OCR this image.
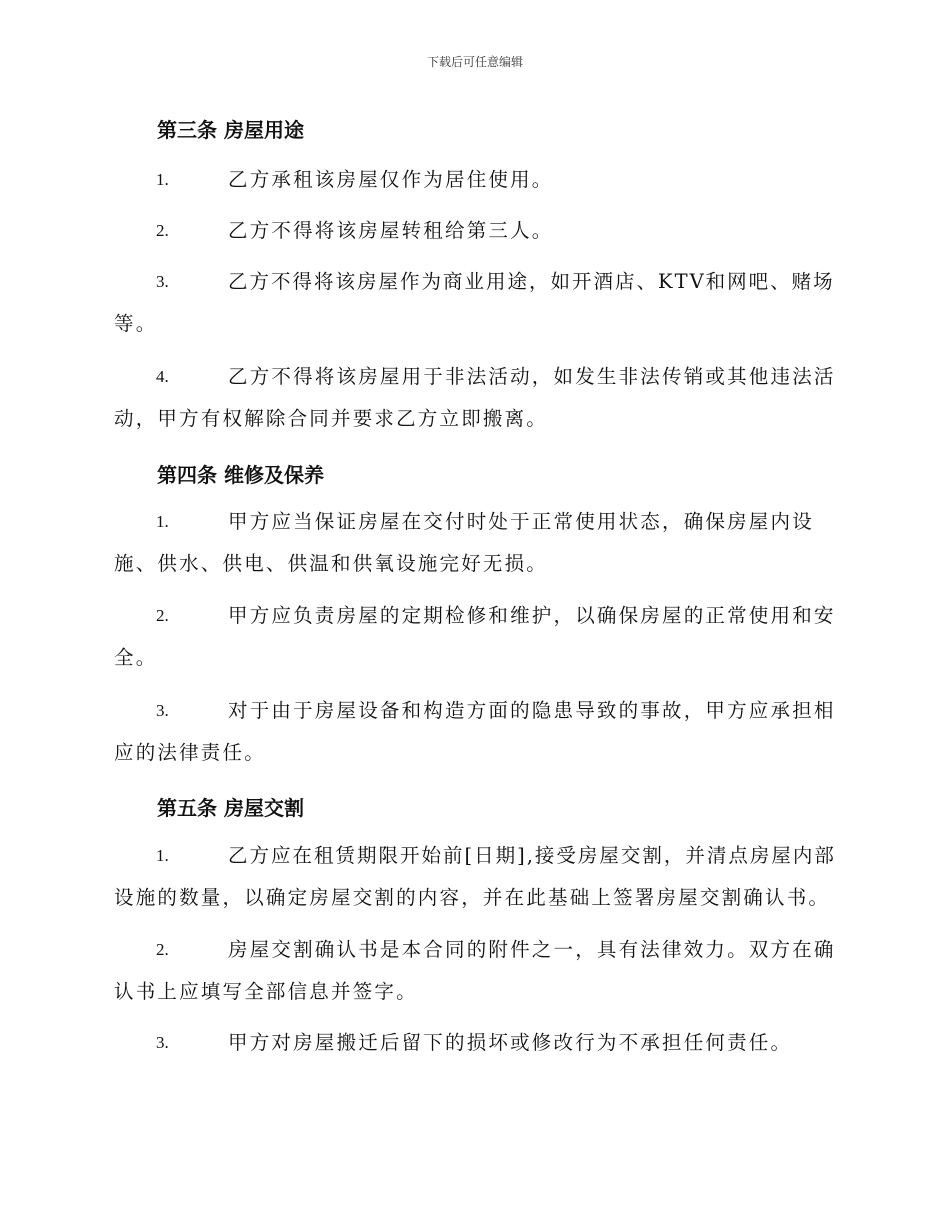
下载后可任意编辑
第三条 房屋用途
1.	乙方承租该房屋仅作为居住使用。
2.	乙方不得将该房屋转租给第三人。
3.	乙方不得将该房屋作为商业用途，如开酒店、KTV和网吧、赌场
等。
4.	乙方不得将该房屋用于非法活动，如发生非法传销或其他违法活
动，甲方有权解除合同并要求乙方立即搬离。
第四条 维修及保养
1.	甲方应当保证房屋在交付时处于正常使用状态，确保房屋内设
施、供水、供电、供温和供氧设施完好无损。
2.	甲方应负责房屋的定期检修和维护，以确保房屋的正常使用和安
全。
3.	对于由于房屋设备和构造方面的隐患导致的事故，甲方应承担相
应的法律责任。
第五条 房屋交割
1.	乙方应在租赁期限开始前[日期],接受房屋交割，并清点房屋内部
设施的数量，以确定房屋交割的内容，并在此基础上签署房屋交割确认书。
2.	房屋交割确认书是本合同的附件之一，具有法律效力。双方在确
认书上应填写全部信息并签字。
3.	甲方对房屋搬迁后留下的损坏或修改行为不承担任何责任。
